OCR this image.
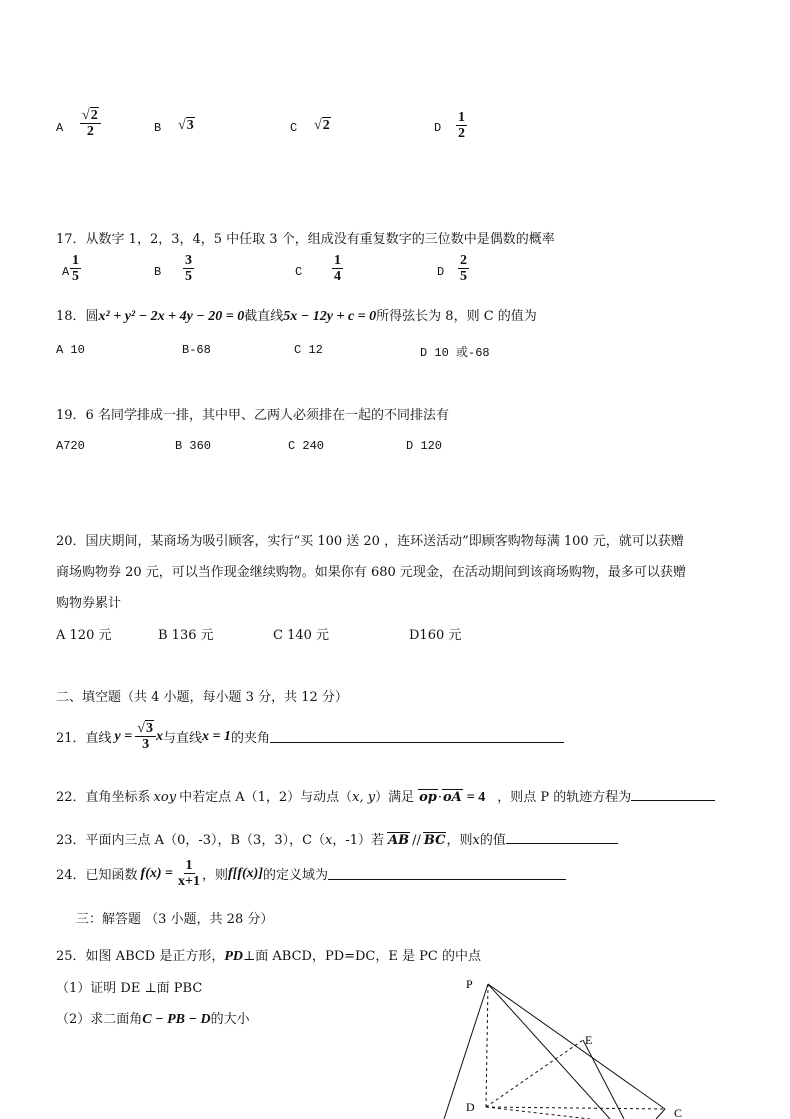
A $\frac{√2}{2}$	B √3	C √2	D $\frac{1}{2}$
17．从数字 1，2，3，4，5 中任取 3 个，组成没有重复数字的三位数中是偶数的概率
A $\frac{1}{5}$	B $\frac{3}{5}$	C $\frac{1}{4}$	D $\frac{2}{5}$
18．圆x² + y² − 2x + 4y − 20 = 0截直线5x − 12y + c = 0所得弦长为 8，则 C 的值为
A 10	B-68	C 12	D 10 或-68
19．6 名同学排成一排，其中甲、乙两人必须排在一起的不同排法有
A720	B 360	C 240	D 120
20．国庆期间，某商场为吸引顾客，实行“买 100 送 20 ，连环送活动”即顾客购物每满 100 元，就可以获赠
商场购物券 20 元，可以当作现金继续购物。如果你有 680 元现金，在活动期间到该商场购物，最多可以获赠
购物券累计
A 120 元	B 136 元	C 140 元	D160 元
二、填空题（共 4 小题，每小题 3 分，共 12 分）
21．直线 $y = \frac{√3}{3}$ x 与直线 x = 1 的夹角
22．直角坐标系 xoy 中若定点 A（1，2）与动点（ x, y ）满足 op · oA = 4 ，则点 P 的轨迹方程为
23．平面内三点 A（0，-3），B（3，3），C（ x ，-1）若 AB // BC ，则 x 的值
24．已知函数 $f(x) = \frac{1}{x+1}$ ，则 f[f(x)] 的定义域为
三：解答题 （3 小题，共 28 分）
25．如图 ABCD 是正方形，PD⊥面 ABCD，PD=DC，E 是 PC 的中点
（1）证明 DE ⊥面 PBC
（2）求二面角C − PB − D的大小
P
E
D	C
